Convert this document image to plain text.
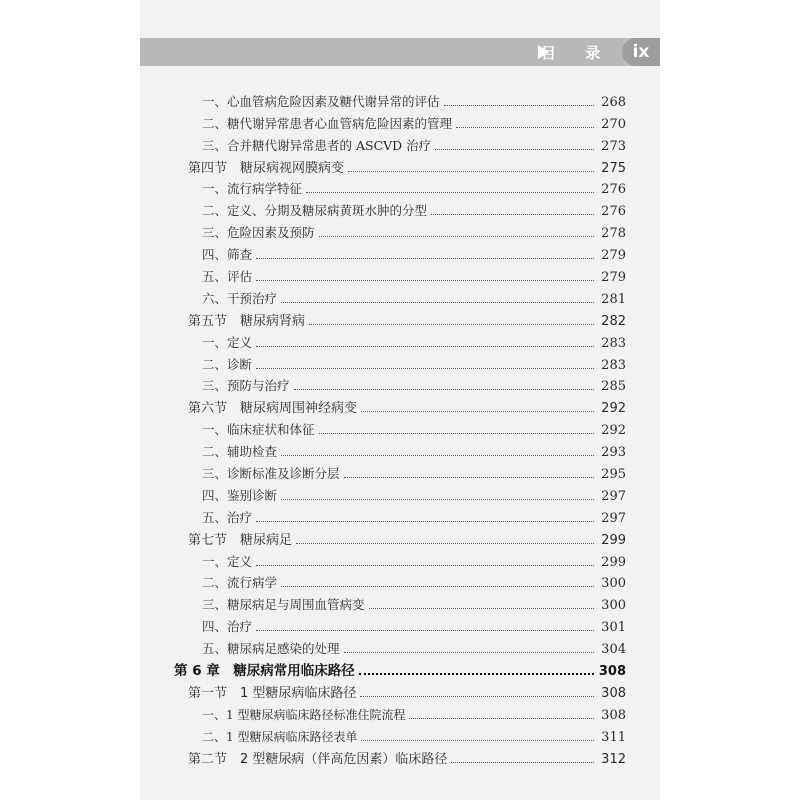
目 录	ix
一、心血管病危险因素及糖代谢异常的评估	268
二、糖代谢异常患者心血管病危险因素的管理	270
三、合并糖代谢异常患者的 ASCVD 治疗	273
第四节　糖尿病视网膜病变	275
一、流行病学特征	276
二、定义、分期及糖尿病黄斑水肿的分型	276
三、危险因素及预防	278
四、筛查	279
五、评估	279
六、干预治疗	281
第五节　糖尿病肾病	282
一、定义	283
二、诊断	283
三、预防与治疗	285
第六节　糖尿病周围神经病变	292
一、临床症状和体征	292
二、辅助检查	293
三、诊断标准及诊断分层	295
四、鉴别诊断	297
五、治疗	297
第七节　糖尿病足	299
一、定义	299
二、流行病学	300
三、糖尿病足与周围血管病变	300
四、治疗	301
五、糖尿病足感染的处理	304
第 6 章　糖尿病常用临床路径	308
第一节　1 型糖尿病临床路径	308
一、1 型糖尿病临床路径标准住院流程	308
二、1 型糖尿病临床路径表单	311
第二节　2 型糖尿病（伴高危因素）临床路径	312
